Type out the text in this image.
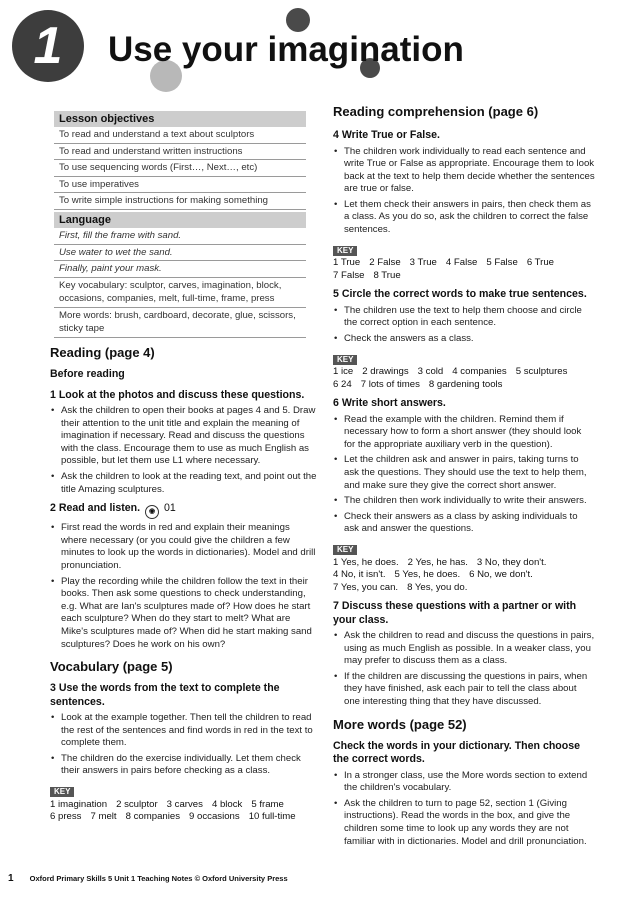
1	Use your imagination
Lesson objectives
To read and understand a text about sculptors
To read and understand written instructions
To use sequencing words (First…, Next…, etc)
To use imperatives
To write simple instructions for making something
Language
First, fill the frame with sand.
Use water to wet the sand.
Finally, paint your mask.
Key vocabulary: sculptor, carves, imagination, block, occasions, companies, melt, full-time, frame, press
More words: brush, cardboard, decorate, glue, scissors, sticky tape
Reading (page 4)
Before reading
1 Look at the photos and discuss these questions.
• Ask the children to open their books at pages 4 and 5. Draw their attention to the unit title and explain the meaning of imagination if necessary. Read and discuss the questions with the class. Encourage them to use as much English as possible, but let them use L1 where necessary.
• Ask the children to look at the reading text, and point out the title Amazing sculptures.
2 Read and listen. ◉ 01
• First read the words in red and explain their meanings where necessary (or you could give the children a few minutes to look up the words in dictionaries). Model and drill pronunciation.
• Play the recording while the children follow the text in their books. Then ask some questions to check understanding, e.g. What are Ian's sculptures made of? How does he start each sculpture? When do they start to melt? What are Mike's sculptures made of? When did he start making sand sculptures? Does he work on his own?
Vocabulary (page 5)
3 Use the words from the text to complete the sentences.
• Look at the example together. Then tell the children to read the rest of the sentences and find words in red in the text to complete them.
• The children do the exercise individually. Let them check their answers in pairs before checking as a class.
KEY
1 imagination 2 sculptor 3 carves 4 block 5 frame
6 press 7 melt 8 companies 9 occasions 10 full-time
Reading comprehension (page 6)
4 Write True or False.
• The children work individually to read each sentence and write True or False as appropriate. Encourage them to look back at the text to help them decide whether the sentences are true or false.
• Let them check their answers in pairs, then check them as a class. As you do so, ask the children to correct the false sentences.
KEY
1 True 2 False 3 True 4 False 5 False 6 True
7 False 8 True
5 Circle the correct words to make true sentences.
• The children use the text to help them choose and circle the correct option in each sentence.
• Check the answers as a class.
KEY
1 ice 2 drawings 3 cold 4 companies 5 sculptures
6 24 7 lots of times 8 gardening tools
6 Write short answers.
• Read the example with the children. Remind them if necessary how to form a short answer (they should look for the appropriate auxiliary verb in the question).
• Let the children ask and answer in pairs, taking turns to ask the questions. They should use the text to help them, and make sure they give the correct short answer.
• The children then work individually to write their answers.
• Check their answers as a class by asking individuals to ask and answer the questions.
KEY
1 Yes, he does. 2 Yes, he has. 3 No, they don't.
4 No, it isn't. 5 Yes, he does. 6 No, we don't.
7 Yes, you can. 8 Yes, you do.
7 Discuss these questions with a partner or with your class.
• Ask the children to read and discuss the questions in pairs, using as much English as possible. In a weaker class, you may prefer to discuss them as a class.
• If the children are discussing the questions in pairs, when they have finished, ask each pair to tell the class about one interesting thing that they have discussed.
More words (page 52)
Check the words in your dictionary. Then choose the correct words.
• In a stronger class, use the More words section to extend the children's vocabulary.
• Ask the children to turn to page 52, section 1 (Giving instructions). Read the words in the box, and give the children some time to look up any words they are not familiar with in dictionaries. Model and drill pronunciation.
1 Oxford Primary Skills 5 Unit 1 Teaching Notes © Oxford University Press
